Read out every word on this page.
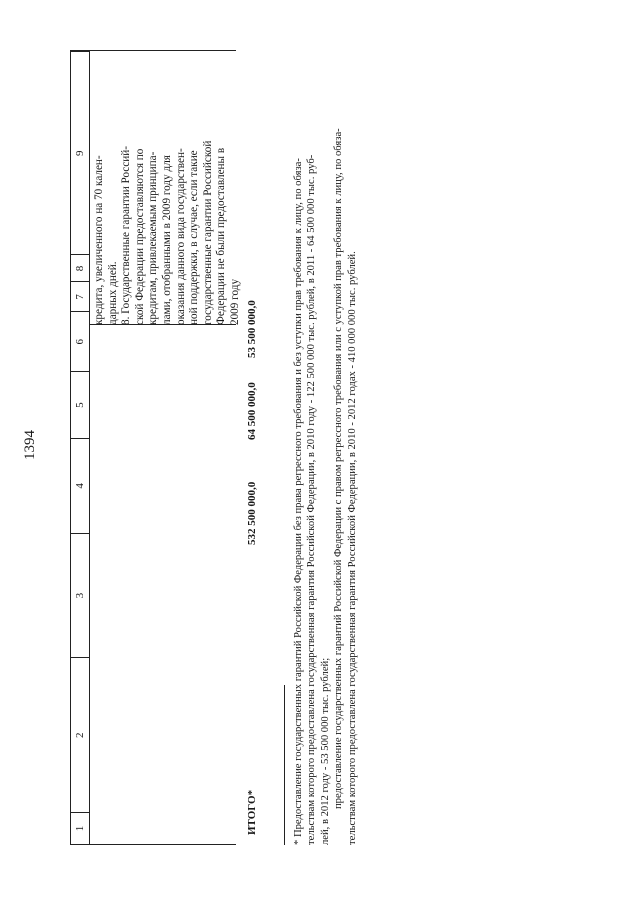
1394
1
2
3
4
5
6
7
8
9

кредита, увеличенного на 70 кален- дарных дней. 8. Государственные гарантии Россий- ской Федерации предоставляются по кредитам, привлекаемым принципа- лами, отобранными в 2009 году для оказания данного вида государствен- ной поддержки, в случае, если такие государственные гарантии Российской Федерации не были предоставлены в 2009 году

ИТОГО*
532 500 000,0
64 500 000,0
53 500 000,0	* Предоставление государственных гарантий Российской Федерации без права регрессного требования и без уступки прав требования к лицу, по обяза- тельствам которого предоставлена государственная гарантия Российской Федерации, в 2010 году - 122 500 000 тыс. рублей, в 2011 - 64 500 000 тыс. руб- лей, в 2012 году - 53 500 000 тыс. рублей; предоставление государственных гарантий Российской Федерации с правом регрессного требования или с уступкой прав требования к лицу, по обяза- тельствам которого предоставлена государственная гарантия Российской Федерации, в 2010 - 2012 годах - 410 000 000 тыс. рублей.
